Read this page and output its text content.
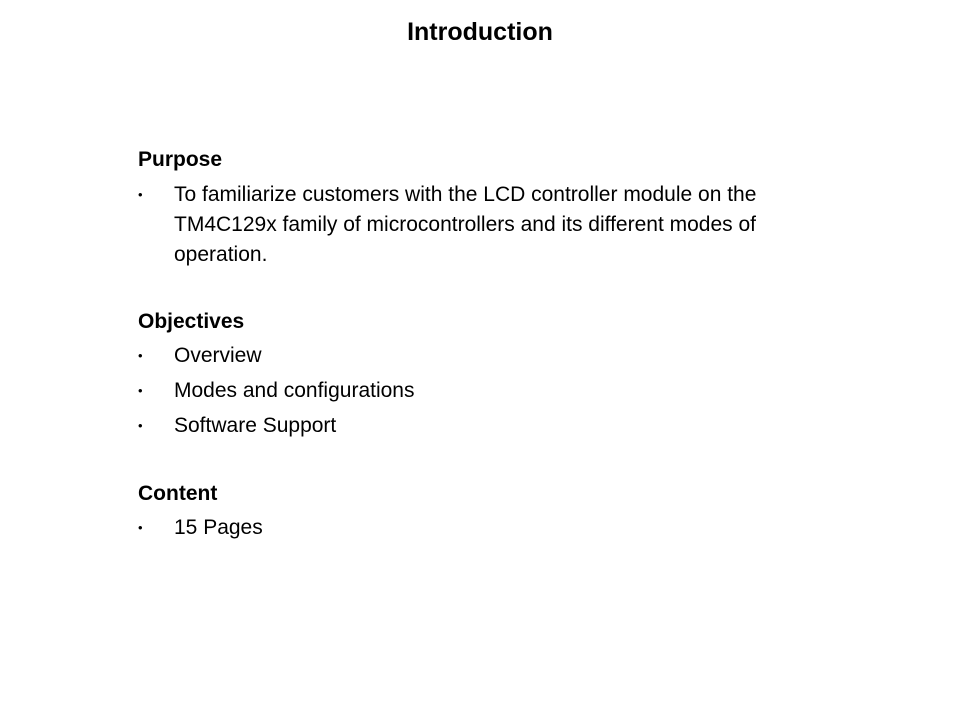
Introduction

Purpose

•	To familiarize customers with the LCD controller module on the TM4C129x family of microcontrollers and its different modes of operation.

Objectives

•	Overview
•	Modes and configurations
•	Software Support

Content

•	15 Pages
